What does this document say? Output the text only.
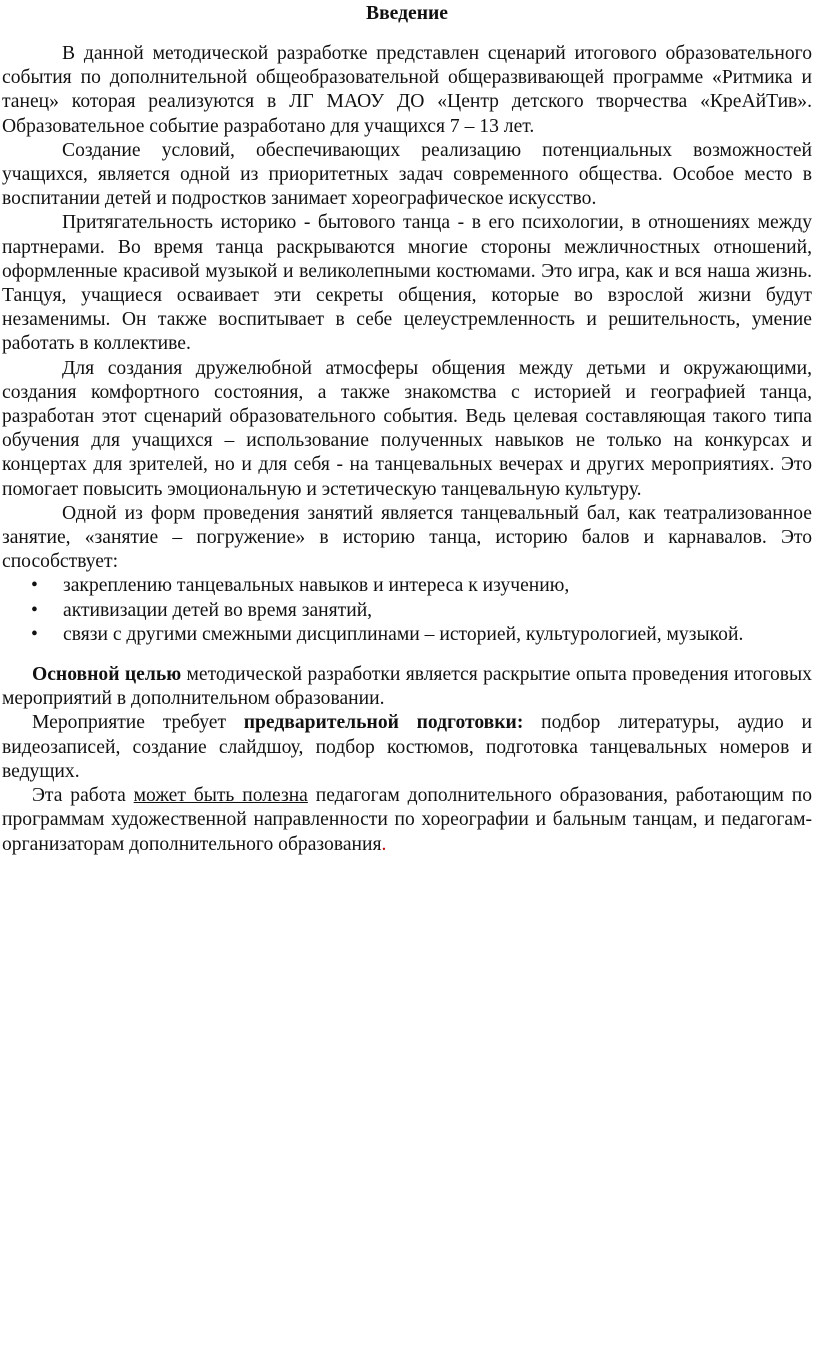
Введение

В данной методической разработке представлен сценарий итогового образовательного события по дополнительной общеобразовательной общеразвивающей программе «Ритмика и танец» которая реализуются в ЛГ МАОУ ДО «Центр детского творчества «КреАйТив». Образовательное событие разработано для учащихся 7 – 13 лет.

Создание условий, обеспечивающих реализацию потенциальных возможностей учащихся, является одной из приоритетных задач современного общества. Особое место в воспитании детей и подростков занимает хореографическое искусство.

Притягательность историко - бытового танца - в его психологии, в отношениях между партнерами. Во время танца раскрываются многие стороны межличностных отношений, оформленные красивой музыкой и великолепными костюмами. Это игра, как и вся наша жизнь. Танцуя, учащиеся осваивает эти секреты общения, которые во взрослой жизни будут незаменимы. Он также воспитывает в себе целеустремленность и решительность, умение работать в коллективе.

Для создания дружелюбной атмосферы общения между детьми и окружающими, создания комфортного состояния, а также знакомства с историей и географией танца, разработан этот сценарий образовательного события. Ведь целевая составляющая такого типа обучения для учащихся – использование полученных навыков не только на конкурсах и концертах для зрителей, но и для себя - на танцевальных вечерах и других мероприятиях. Это помогает повысить эмоциональную и эстетическую танцевальную культуру.

Одной из форм проведения занятий является танцевальный бал, как театрализованное занятие, «занятие – погружение» в историю танца, историю балов и карнавалов. Это способствует:

• закреплению танцевальных навыков и интереса к изучению,
• активизации детей во время занятий,
• связи с другими смежными дисциплинами – историей, культурологией, музыкой.

Основной целью методической разработки является раскрытие опыта проведения итоговых мероприятий в дополнительном образовании.

Мероприятие требует предварительной подготовки: подбор литературы, аудио и видеозаписей, создание слайдшоу, подбор костюмов, подготовка танцевальных номеров и ведущих.

Эта работа может быть полезна педагогам дополнительного образования, работающим по программам художественной направленности по хореографии и бальным танцам, и педагогам-организаторам дополнительного образования.
